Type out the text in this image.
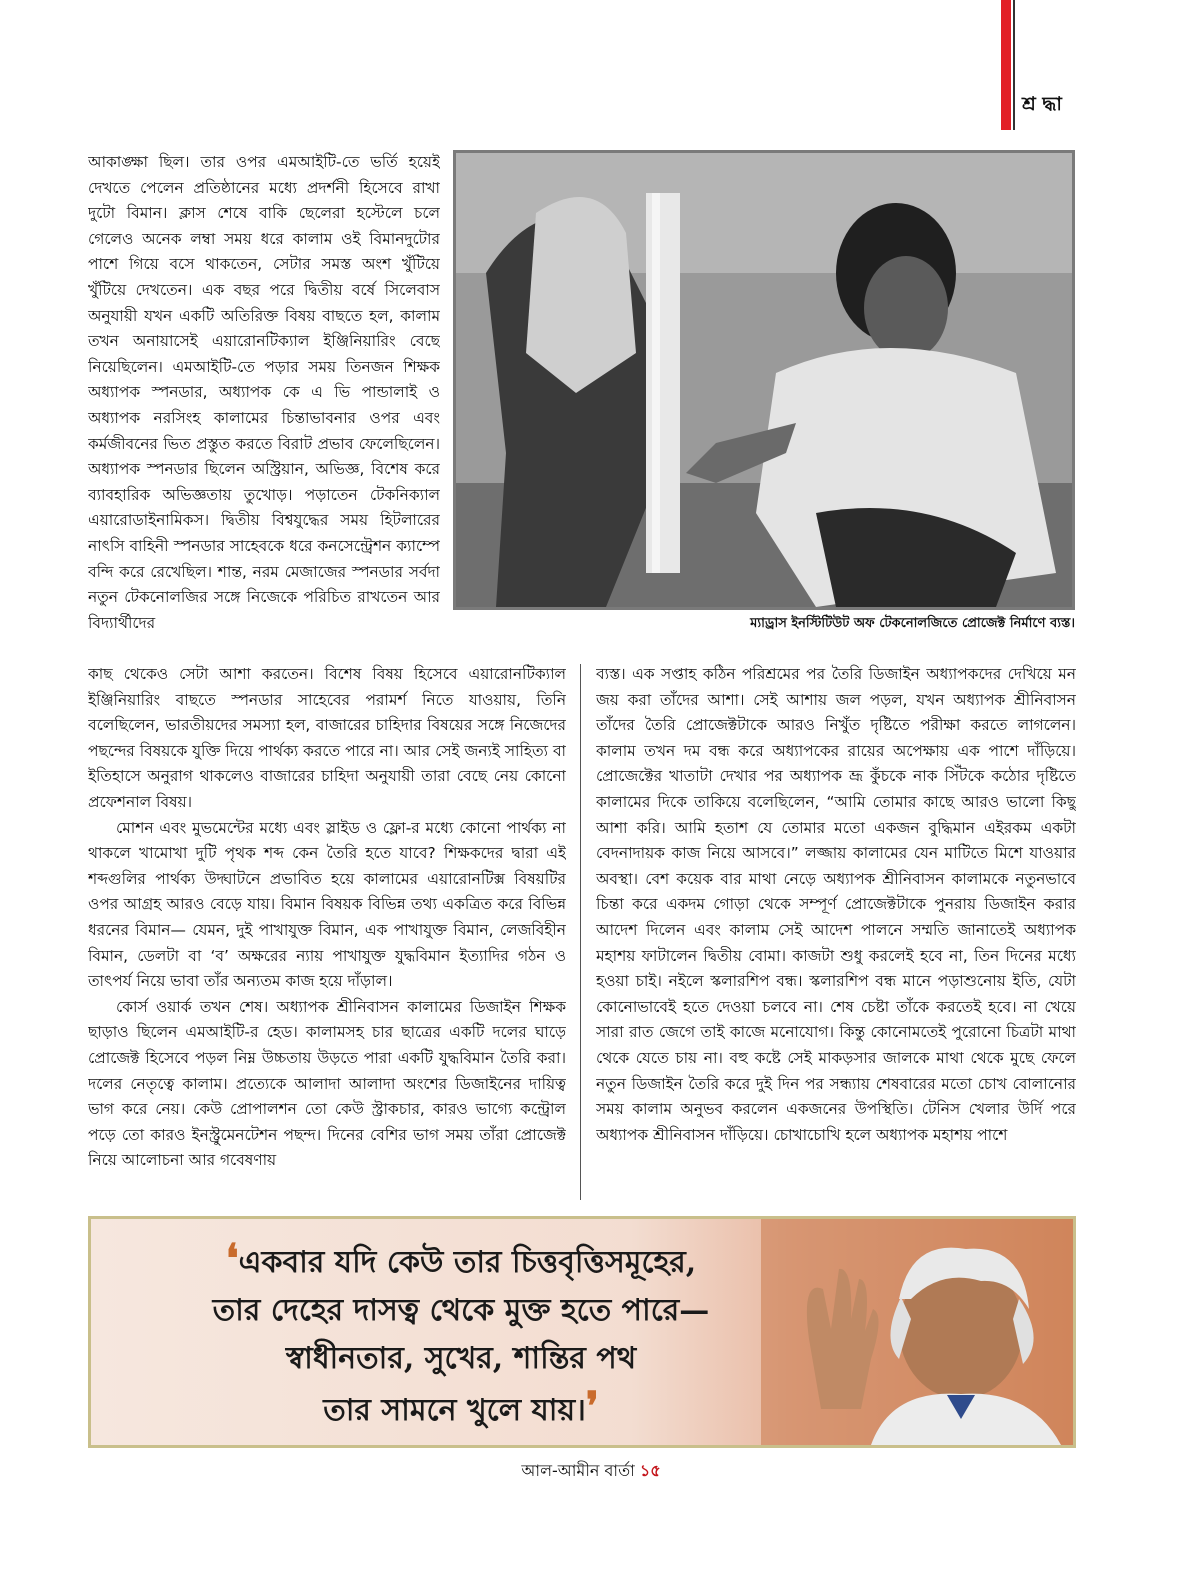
শ্র দ্ধা

আকাঙ্ক্ষা ছিল। তার ওপর এমআইটি-তে ভর্তি হয়েই দেখতে পেলেন প্রতিষ্ঠানের মধ্যে প্রদর্শনী হিসেবে রাখা দুটো বিমান। ক্লাস শেষে বাকি ছেলেরা হস্টেলে চলে গেলেও অনেক লম্বা সময় ধরে কালাম ওই বিমানদুটোর পাশে গিয়ে বসে থাকতেন, সেটার সমস্ত অংশ খুঁটিয়ে খুঁটিয়ে দেখতেন। এক বছর পরে দ্বিতীয় বর্ষে সিলেবাস অনুযায়ী যখন একটি অতিরিক্ত বিষয় বাছতে হল, কালাম তখন অনায়াসেই এয়ারোনটিক্যাল ইঞ্জিনিয়ারিং বেছে নিয়েছিলেন। এমআইটি-তে পড়ার সময় তিনজন শিক্ষক অধ্যাপক স্পনডার, অধ্যাপক কে এ ভি পান্ডালাই ও অধ্যাপক নরসিংহ কালামের চিন্তাভাবনার ওপর এবং কর্মজীবনের ভিত প্রস্তুত করতে বিরাট প্রভাব ফেলেছিলেন। অধ্যাপক স্পনডার ছিলেন অস্ট্রিয়ান, অভিজ্ঞ, বিশেষ করে ব্যাবহারিক অভিজ্ঞতায় তুখোড়। পড়াতেন টেকনিক্যাল এয়ারোডাইনামিকস। দ্বিতীয় বিশ্বযুদ্ধের সময় হিটলারের নাৎসি বাহিনী স্পনডার সাহেবকে ধরে কনসেন্ট্রেশন ক্যাম্পে বন্দি করে রেখেছিল। শান্ত, নরম মেজাজের স্পনডার সর্বদা নতুন টেকনোলজির সঙ্গে নিজেকে পরিচিত রাখতেন আর বিদ্যার্থীদের	ম্যাড্রাস ইনস্টিটিউট অফ টেকনোলজিতে প্রোজেক্ট নির্মাণে ব্যস্ত।

কাছ থেকেও সেটা আশা করতেন। বিশেষ বিষয় হিসেবে এয়ারোনটিক্যাল ইঞ্জিনিয়ারিং বাছতে স্পনডার সাহেবের পরামর্শ নিতে যাওয়ায়, তিনি বলেছিলেন, ভারতীয়দের সমস্যা হল, বাজারের চাহিদার বিষয়ের সঙ্গে নিজেদের পছন্দের বিষয়কে যুক্তি দিয়ে পার্থক্য করতে পারে না। আর সেই জন্যই সাহিত্য বা ইতিহাসে অনুরাগ থাকলেও বাজারের চাহিদা অনুযায়ী তারা বেছে নেয় কোনো প্রফেশনাল বিষয়।

মোশন এবং মুভমেন্টের মধ্যে এবং স্লাইড ও ফ্লো-র মধ্যে কোনো পার্থক্য না থাকলে খামোখা দুটি পৃথক শব্দ কেন তৈরি হতে যাবে? শিক্ষকদের দ্বারা এই শব্দগুলির পার্থক্য উদ্ঘাটনে প্রভাবিত হয়ে কালামের এয়ারোনটিক্স বিষয়টির ওপর আগ্রহ আরও বেড়ে যায়। বিমান বিষয়ক বিভিন্ন তথ্য একত্রিত করে বিভিন্ন ধরনের বিমান— যেমন, দুই পাখাযুক্ত বিমান, এক পাখাযুক্ত বিমান, লেজবিহীন বিমান, ডেলটা বা ‘ব’ অক্ষরের ন্যায় পাখাযুক্ত যুদ্ধবিমান ইত্যাদির গঠন ও তাৎপর্য নিয়ে ভাবা তাঁর অন্যতম কাজ হয়ে দাঁড়াল।

কোর্স ওয়ার্ক তখন শেষ। অধ্যাপক শ্রীনিবাসন কালামের ডিজাইন শিক্ষক ছাড়াও ছিলেন এমআইটি-র হেড। কালামসহ চার ছাত্রের একটি দলের ঘাড়ে প্রোজেক্ট হিসেবে পড়ল নিম্ন উচ্চতায় উড়তে পারা একটি যুদ্ধবিমান তৈরি করা। দলের নেতৃত্বে কালাম। প্রত্যেকে আলাদা আলাদা অংশের ডিজাইনের দায়িত্ব ভাগ করে নেয়। কেউ প্রোপালশন তো কেউ স্ট্রাকচার, কারও ভাগ্যে কন্ট্রোল পড়ে তো কারও ইনস্ট্রুমেনটেশন পছন্দ। দিনের বেশির ভাগ সময় তাঁরা প্রোজেক্ট নিয়ে আলোচনা আর গবেষণায়

ব্যস্ত। এক সপ্তাহ কঠিন পরিশ্রমের পর তৈরি ডিজাইন অধ্যাপকদের দেখিয়ে মন জয় করা তাঁদের আশা। সেই আশায় জল পড়ল, যখন অধ্যাপক শ্রীনিবাসন তাঁদের তৈরি প্রোজেক্টটাকে আরও নিখুঁত দৃষ্টিতে পরীক্ষা করতে লাগলেন। কালাম তখন দম বন্ধ করে অধ্যাপকের রায়ের অপেক্ষায় এক পাশে দাঁড়িয়ে। প্রোজেক্টের খাতাটা দেখার পর অধ্যাপক ভ্রূ কুঁচকে নাক সিঁটকে কঠোর দৃষ্টিতে কালামের দিকে তাকিয়ে বলেছিলেন, “আমি তোমার কাছে আরও ভালো কিছু আশা করি। আমি হতাশ যে তোমার মতো একজন বুদ্ধিমান এইরকম একটা বেদনাদায়ক কাজ নিয়ে আসবে।” লজ্জায় কালামের যেন মাটিতে মিশে যাওয়ার অবস্থা। বেশ কয়েক বার মাথা নেড়ে অধ্যাপক শ্রীনিবাসন কালামকে নতুনভাবে চিন্তা করে একদম গোড়া থেকে সম্পূর্ণ প্রোজেক্টটাকে পুনরায় ডিজাইন করার আদেশ দিলেন এবং কালাম সেই আদেশ পালনে সম্মতি জানাতেই অধ্যাপক মহাশয় ফাটালেন দ্বিতীয় বোমা। কাজটা শুধু করলেই হবে না, তিন দিনের মধ্যে হওয়া চাই। নইলে স্কলারশিপ বন্ধ। স্কলারশিপ বন্ধ মানে পড়াশুনোয় ইতি, যেটা কোনোভাবেই হতে দেওয়া চলবে না। শেষ চেষ্টা তাঁকে করতেই হবে। না খেয়ে সারা রাত জেগে তাই কাজে মনোযোগ। কিন্তু কোনোমতেই পুরোনো চিত্রটা মাথা থেকে যেতে চায় না। বহু কষ্টে সেই মাকড়সার জালকে মাথা থেকে মুছে ফেলে নতুন ডিজাইন তৈরি করে দুই দিন পর সন্ধ্যায় শেষবারের মতো চোখ বোলানোর সময় কালাম অনুভব করলেন একজনের উপস্থিতি। টেনিস খেলার উর্দি পরে অধ্যাপক শ্রীনিবাসন দাঁড়িয়ে। চোখাচোখি হলে অধ্যাপক মহাশয় পাশে

❛একবার যদি কেউ তার চিত্তবৃত্তিসমূহের,
তার দেহের দাসত্ব থেকে মুক্ত হতে পারে—
স্বাধীনতার, সুখের, শান্তির পথ
তার সামনে খুলে যায়।❜
আল-আমীন বার্তা ১৫
